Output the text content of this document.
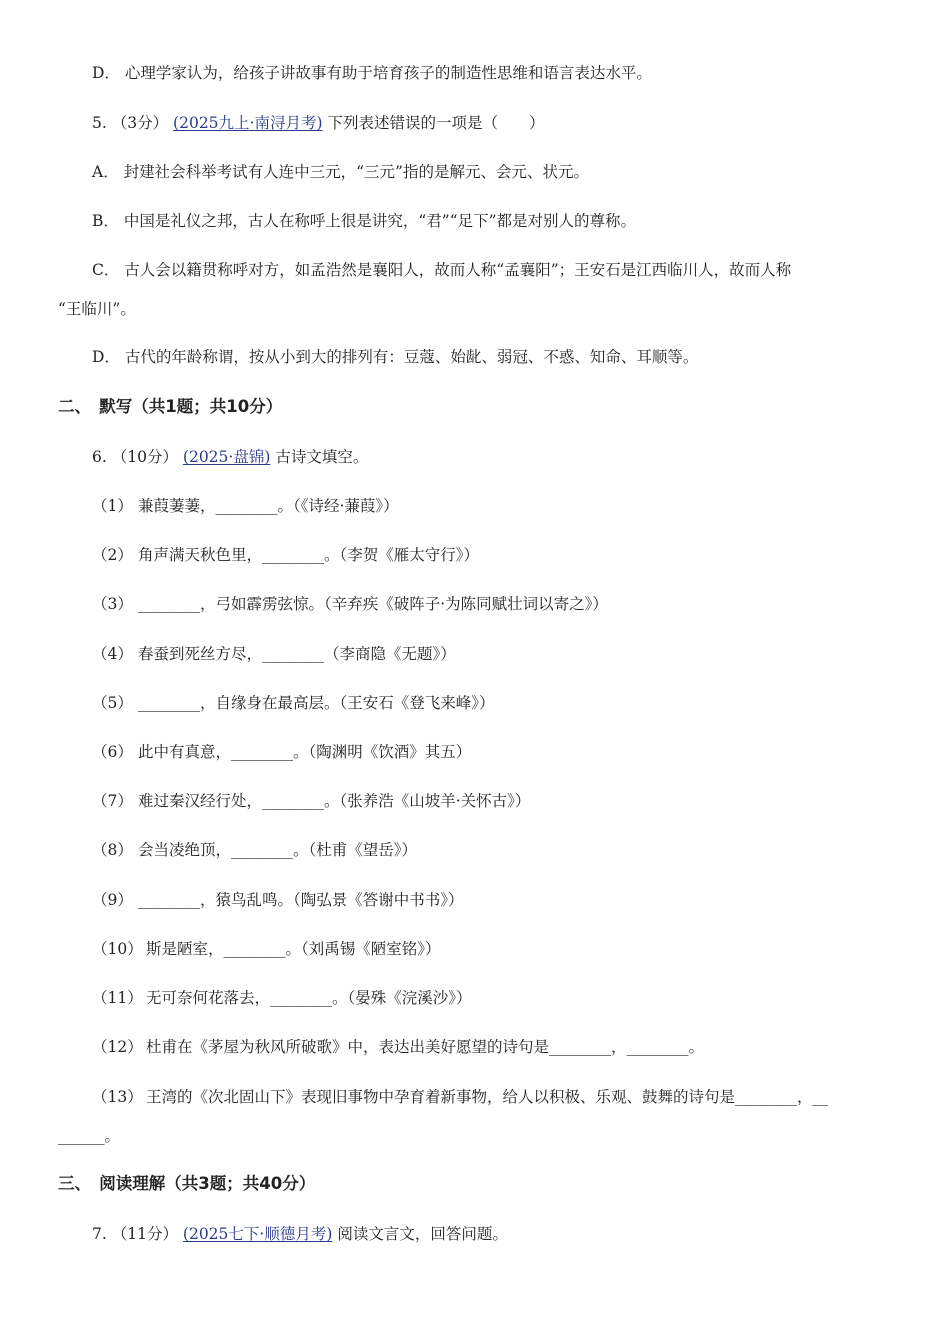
D． 心理学家认为，给孩子讲故事有助于培育孩子的制造性思维和语言表达水平。
5. （3分） (2025九上·南浔月考) 下列表述错误的一项是（　　）
A． 封建社会科举考试有人连中三元，“三元”指的是解元、会元、状元。
B． 中国是礼仪之邦，古人在称呼上很是讲究，“君”“足下”都是对别人的尊称。
C． 古人会以籍贯称呼对方，如孟浩然是襄阳人，故而人称“孟襄阳”；王安石是江西临川人，故而人称
“王临川”。
D． 古代的年龄称谓，按从小到大的排列有：豆蔻、始龀、弱冠、不惑、知命、耳顺等。
二、　默写（共1题；共10分）
6. （10分） (2025·盘锦) 古诗文填空。
（1） 兼葭萋萋，________。（《诗经·蒹葭》）
（2） 角声满天秋色里，________。（李贺《雁太守行》）
（3） ________，弓如霹雳弦惊。（辛弃疾《破阵子·为陈同赋壮词以寄之》）
（4） 春蚕到死丝方尽，________（李商隐《无题》）
（5） ________，自缘身在最高层。（王安石《登飞来峰》）
（6） 此中有真意，________。（陶渊明《饮酒》其五）
（7） 难过秦汉经行处，________。（张养浩《山坡羊·关怀古》）
（8） 会当凌绝顶，________。（杜甫《望岳》）
（9） ________，猿鸟乱鸣。（陶弘景《答谢中书书》）
（10） 斯是陋室，________。（刘禹锡《陋室铭》）
（11） 无可奈何花落去，________。（晏殊《浣溪沙》）
（12） 杜甫在《茅屋为秋风所破歌》中，表达出美好愿望的诗句是________，________。
（13） 王湾的《次北固山下》表现旧事物中孕育着新事物，给人以积极、乐观、鼓舞的诗句是________，__
______。
三、　阅读理解（共3题；共40分）
7. （11分） (2025七下·顺德月考) 阅读文言文，回答问题。
